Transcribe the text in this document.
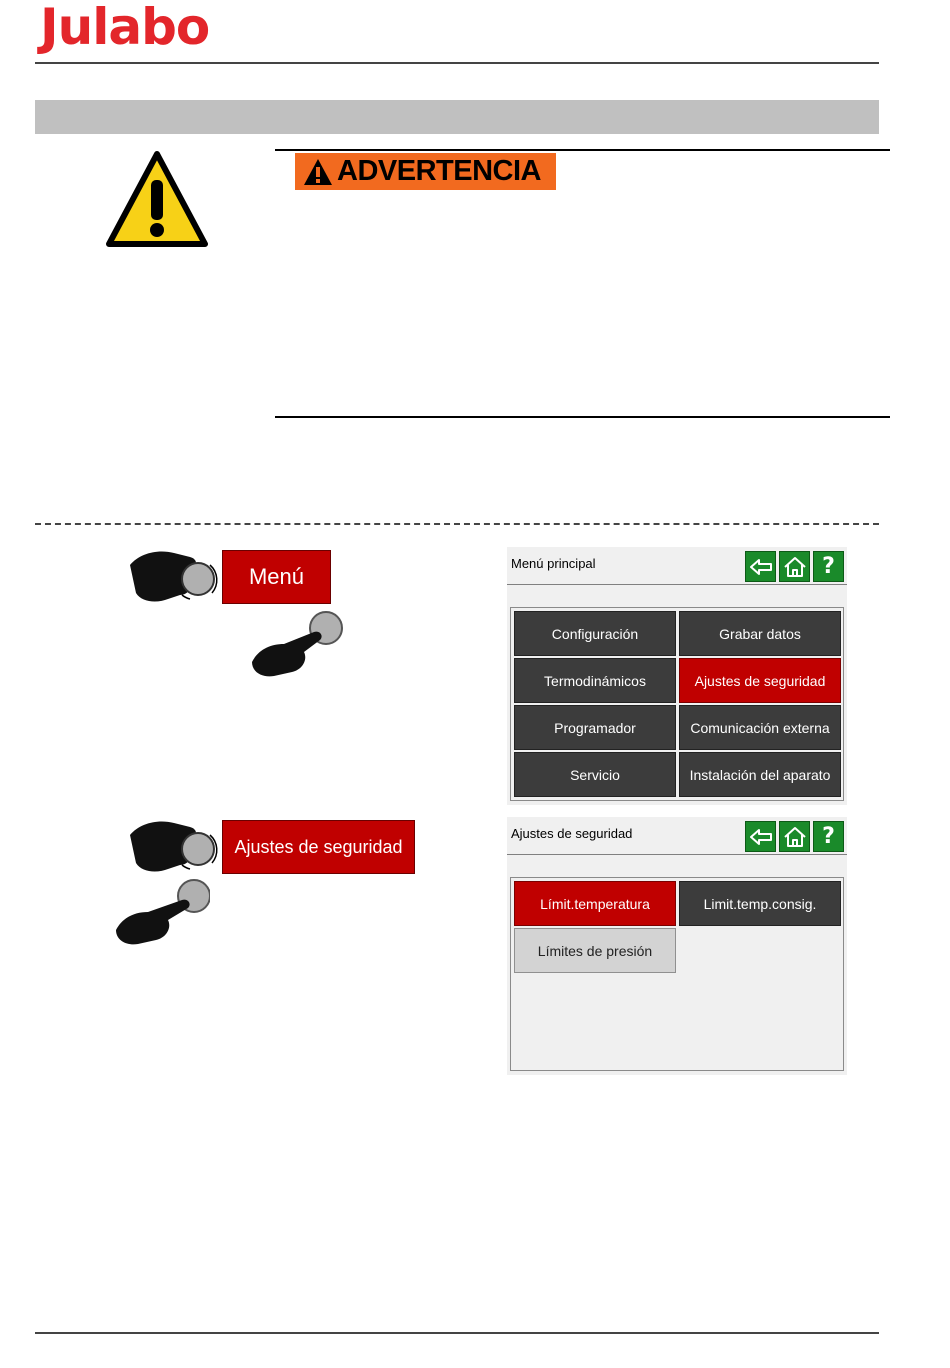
Julabo
ADVERTENCIA
Menú
Menú principal	?
Configuración	Grabar datos
Termodinámicos	Ajustes de seguridad
Programador	Comunicación externa
Servicio	Instalación del aparato
Ajustes de seguridad
Ajustes de seguridad	?
Límit.temperatura	Limit.temp.consig.
Límites de presión
